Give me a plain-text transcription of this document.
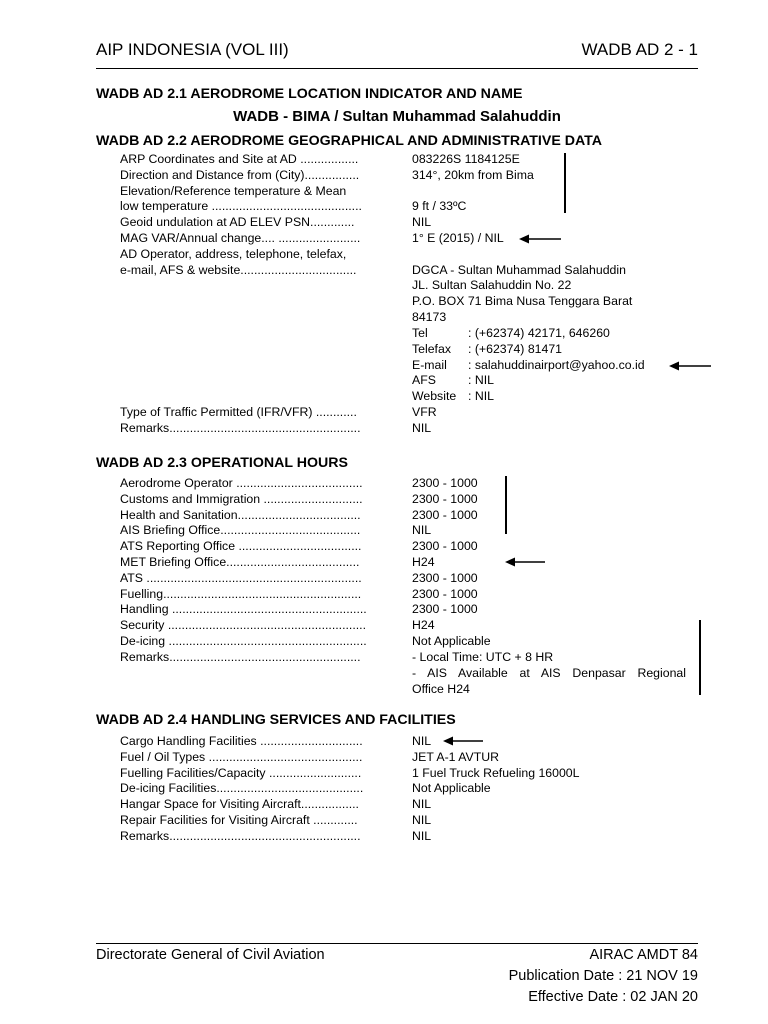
AIP INDONESIA (VOL III)	WADB AD 2 - 1
WADB AD 2.1 AERODROME LOCATION INDICATOR AND NAME
WADB - BIMA / Sultan Muhammad Salahuddin
WADB AD 2.2 AERODROME GEOGRAPHICAL AND ADMINISTRATIVE DATA
ARP Coordinates and Site at AD .................	083226S 1184125E
Direction and Distance from (City)................	314°, 20km from Bima
Elevation/Reference temperature & Mean
low temperature ............................................	9 ft / 33ºC
Geoid undulation at AD ELEV PSN.............	NIL
MAG VAR/Annual change.... ........................	1° E (2015) / NIL
AD Operator, address, telephone, telefax,
e-mail, AFS & website..................................	DGCA - Sultan Muhammad Salahuddin
JL. Sultan Salahuddin No. 22
P.O. BOX 71 Bima Nusa Tenggara Barat
84173
Tel	: (+62374) 42171, 646260
Telefax : (+62374) 81471
E-mail : salahuddinairport@yahoo.co.id
AFS	: NIL
Website : NIL
Type of Traffic Permitted (IFR/VFR) ............	VFR
Remarks........................................................	NIL
WADB AD 2.3 OPERATIONAL HOURS
Aerodrome Operator .....................................	2300 - 1000
Customs and Immigration .............................	2300 - 1000
Health and Sanitation....................................	2300 - 1000
AIS Briefing Office.........................................	NIL
ATS Reporting Office ....................................	2300 - 1000
MET Briefing Office.......................................	H24
ATS ...............................................................	2300 - 1000
Fuelling..........................................................	2300 - 1000
Handling .........................................................	2300 - 1000
Security ..........................................................	H24
De-icing ..........................................................	Not Applicable
Remarks........................................................	- Local Time: UTC + 8 HR
- AIS Available at AIS Denpasar Regional
Office H24
WADB AD 2.4 HANDLING SERVICES AND FACILITIES
Cargo Handling Facilities ..............................	NIL
Fuel / Oil Types .............................................	JET A-1 AVTUR
Fuelling Facilities/Capacity ...........................	1 Fuel Truck Refueling 16000L
De-icing Facilities...........................................	Not Applicable
Hangar Space for Visiting Aircraft.................	NIL
Repair Facilities for Visiting Aircraft .............	NIL
Remarks........................................................	NIL
Directorate General of Civil Aviation	AIRAC AMDT 84
Publication Date : 21 NOV 19
Effective Date : 02 JAN 20
